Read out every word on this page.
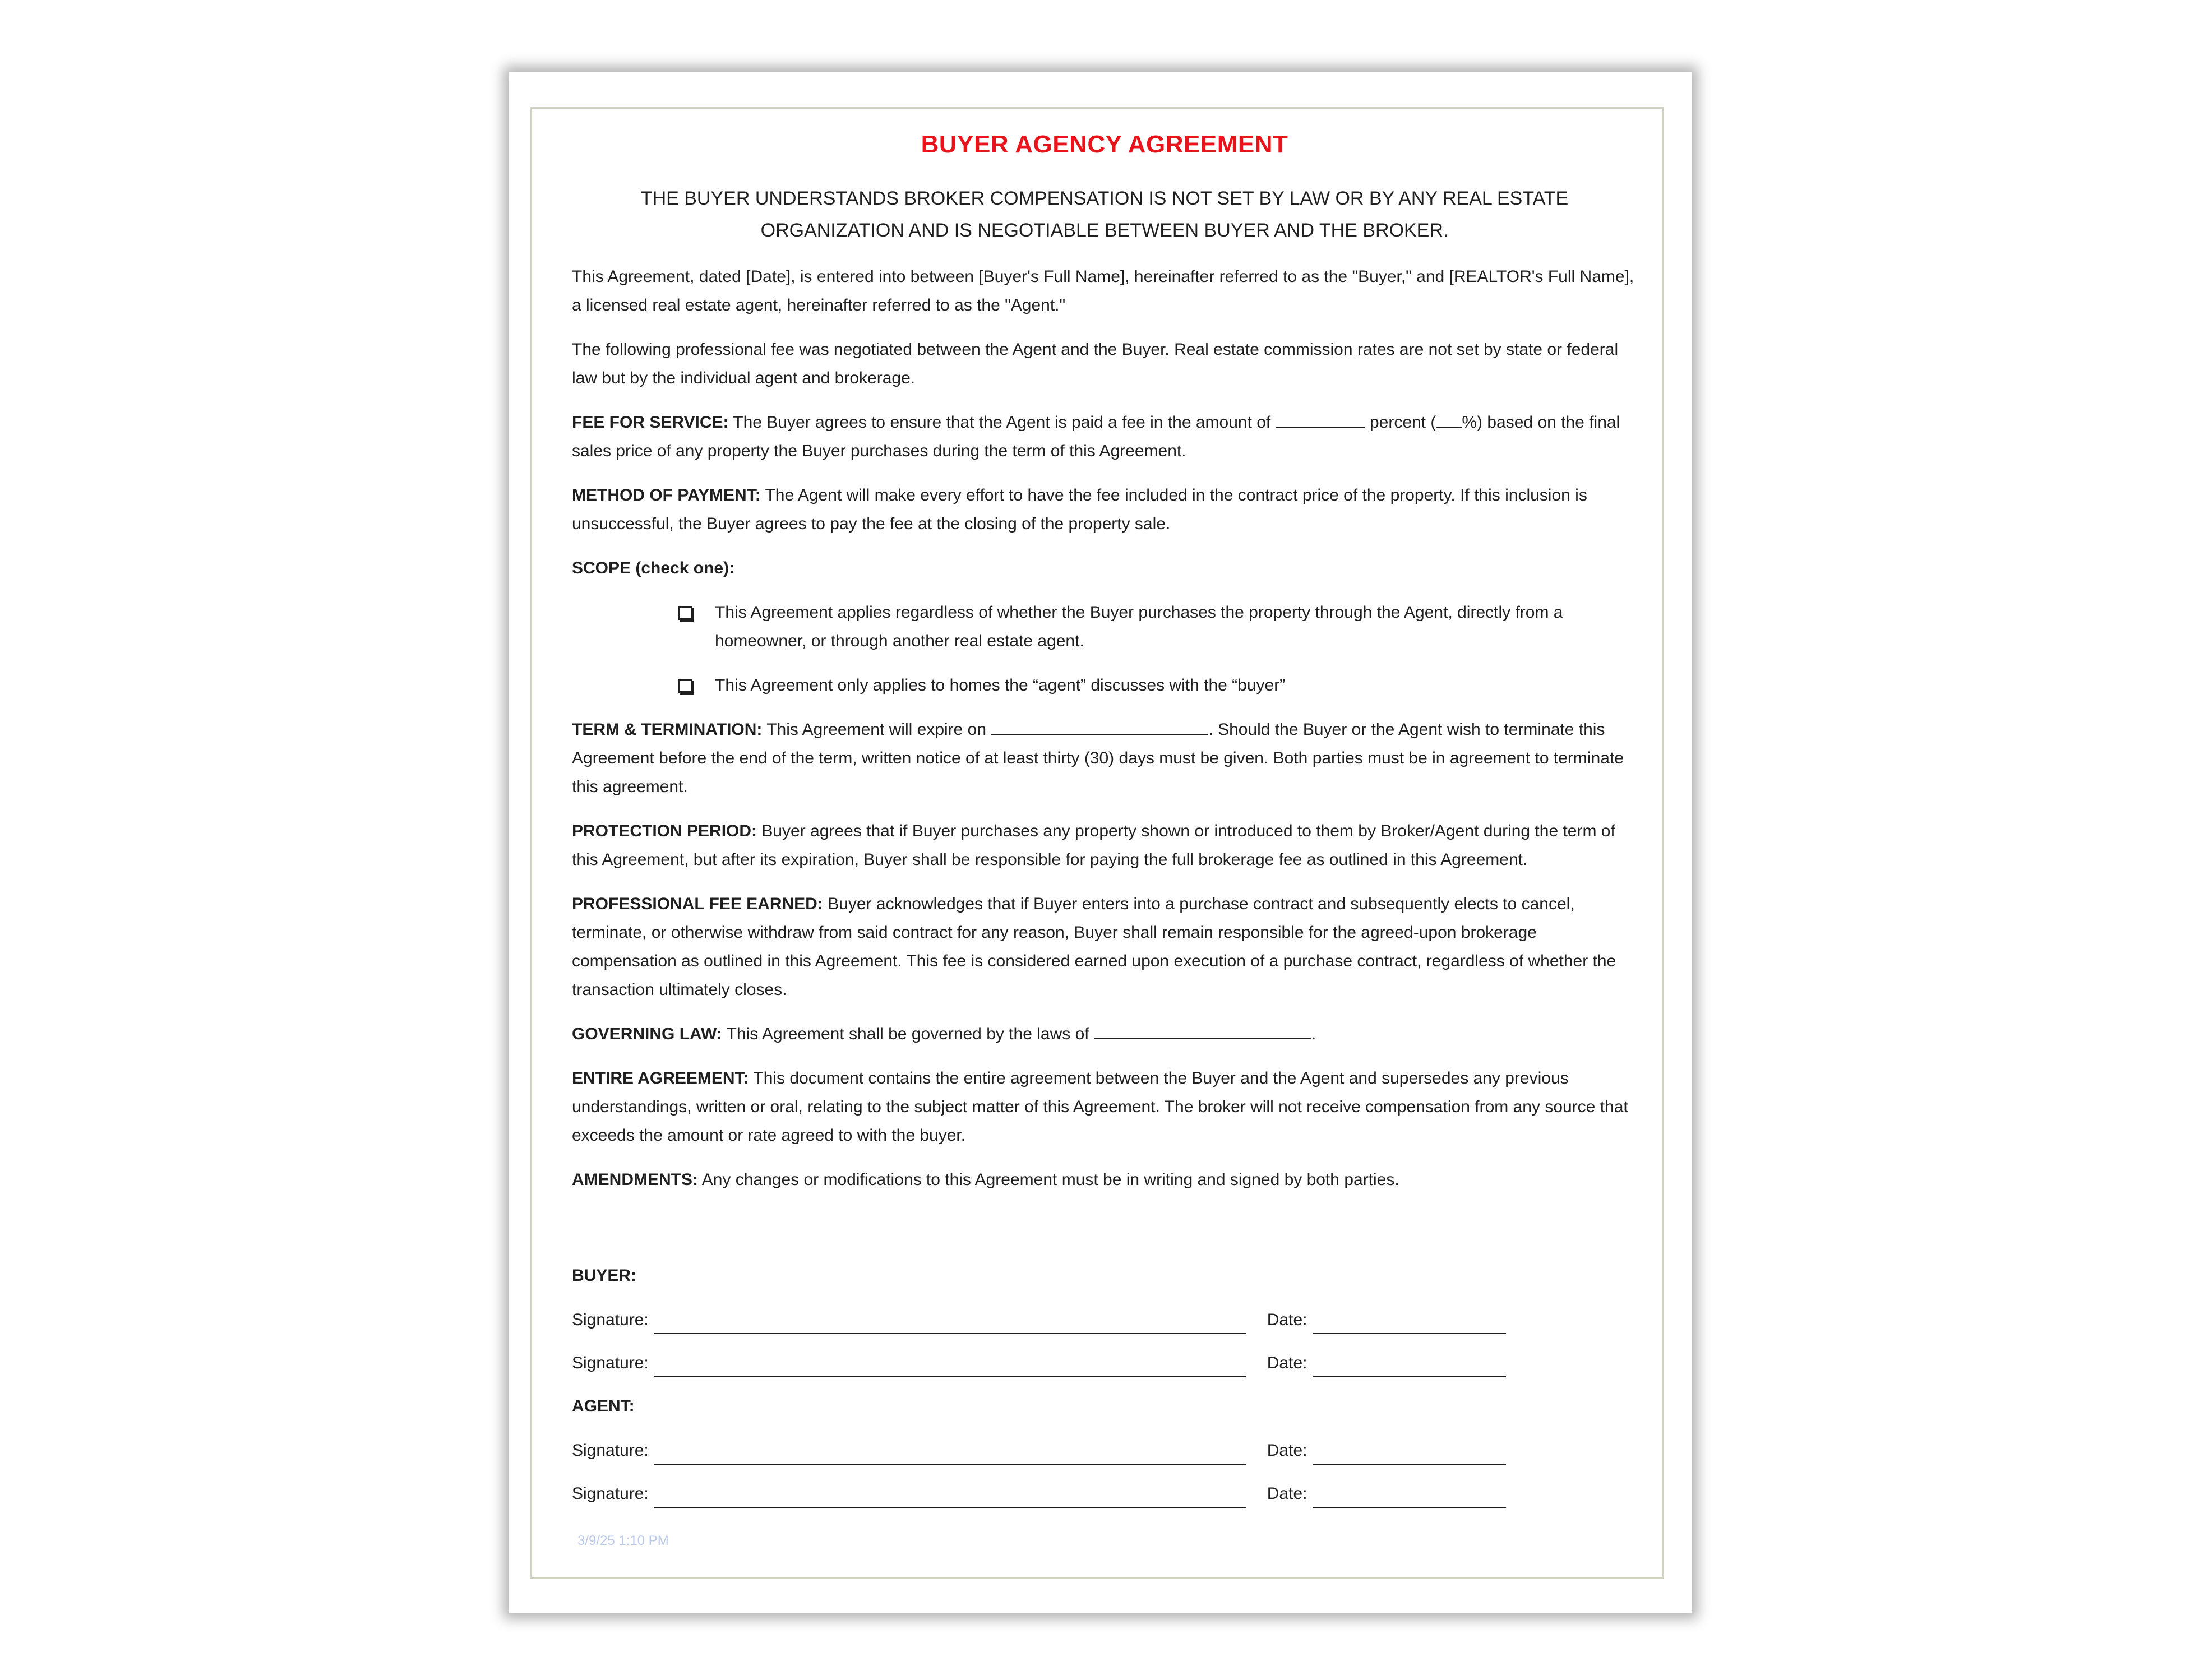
BUYER AGENCY AGREEMENT
THE BUYER UNDERSTANDS BROKER COMPENSATION IS NOT SET BY LAW OR BY ANY REAL ESTATE ORGANIZATION AND IS NEGOTIABLE BETWEEN BUYER AND THE BROKER.

This Agreement, dated [Date], is entered into between [Buyer's Full Name], hereinafter referred to as the "Buyer," and [REALTOR's Full Name], a licensed real estate agent, hereinafter referred to as the "Agent."

The following professional fee was negotiated between the Agent and the Buyer. Real estate commission rates are not set by state or federal law but by the individual agent and brokerage.

FEE FOR SERVICE: The Buyer agrees to ensure that the Agent is paid a fee in the amount of	percent ( %) based on the final sales price of any property the Buyer purchases during the term of this Agreement.

METHOD OF PAYMENT: The Agent will make every effort to have the fee included in the contract price of the property. If this inclusion is unsuccessful, the Buyer agrees to pay the fee at the closing of the property sale.

SCOPE (check one):

This Agreement applies regardless of whether the Buyer purchases the property through the Agent, directly from a homeowner, or through another real estate agent.
This Agreement only applies to homes the “agent” discusses with the “buyer”

TERM & TERMINATION: This Agreement will expire on	. Should the Buyer or the Agent wish to terminate this Agreement before the end of the term, written notice of at least thirty (30) days must be given. Both parties must be in agreement to terminate this agreement.

PROTECTION PERIOD: Buyer agrees that if Buyer purchases any property shown or introduced to them by Broker/Agent during the term of this Agreement, but after its expiration, Buyer shall be responsible for paying the full brokerage fee as outlined in this Agreement.

PROFESSIONAL FEE EARNED: Buyer acknowledges that if Buyer enters into a purchase contract and subsequently elects to cancel, terminate, or otherwise withdraw from said contract for any reason, Buyer shall remain responsible for the agreed-upon brokerage compensation as outlined in this Agreement. This fee is considered earned upon execution of a purchase contract, regardless of whether the transaction ultimately closes.

GOVERNING LAW: This Agreement shall be governed by the laws of	.

ENTIRE AGREEMENT: This document contains the entire agreement between the Buyer and the Agent and supersedes any previous understandings, written or oral, relating to the subject matter of this Agreement. The broker will not receive compensation from any source that exceeds the amount or rate agreed to with the buyer.

AMENDMENTS: Any changes or modifications to this Agreement must be in writing and signed by both parties.

BUYER:
Signature:	Date:
Signature:	Date:
AGENT:
Signature:	Date:
Signature:	Date:
3/9/25 1:10 PM
